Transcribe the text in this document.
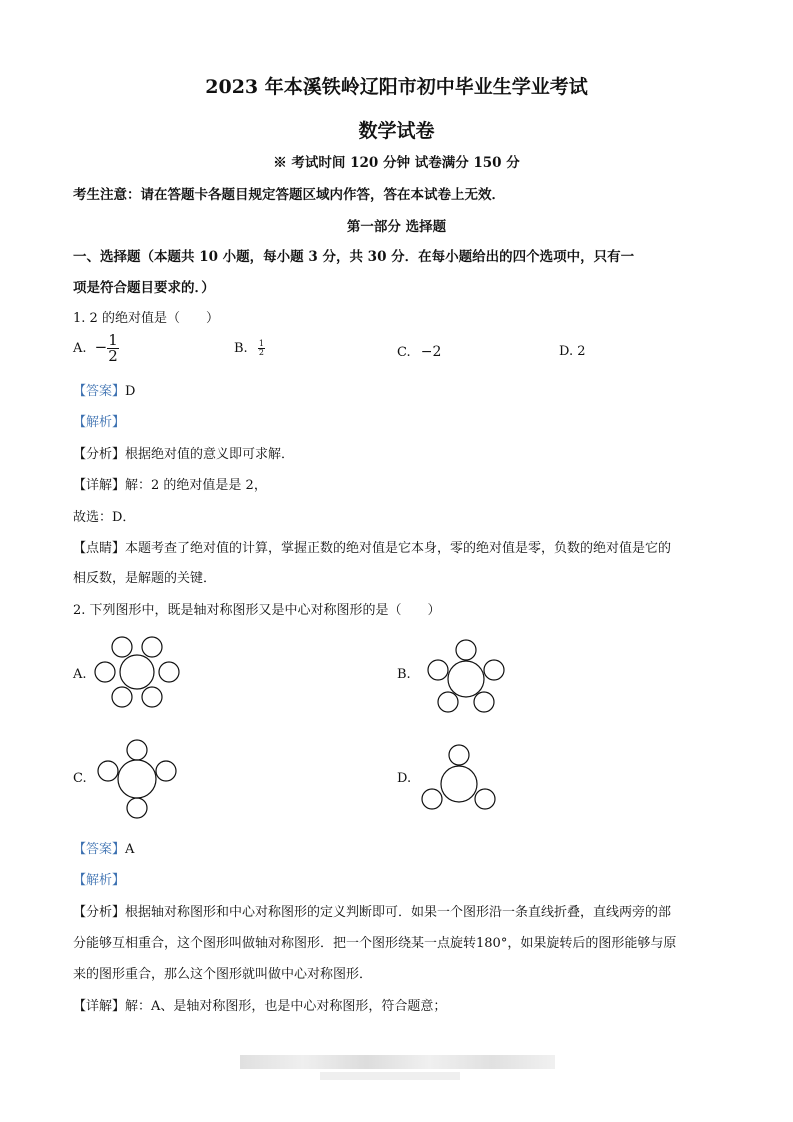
2023 年本溪铁岭辽阳市初中毕业生学业考试
数学试卷
※ 考试时间 120 分钟 试卷满分 150 分
考生注意：请在答题卡各题目规定答题区域内作答，答在本试卷上无效．
第一部分 选择题
一、选择题（本题共 10 小题，每小题 3 分，共 30 分．在每小题给出的四个选项中，只有一
项是符合题目要求的．）
1. 2 的绝对值是（　　）
A. − $\frac{1}{2}$	B. $\frac{1}{2}$	C. −2	D. 2
【答案】D
【解析】
【分析】根据绝对值的意义即可求解．
【详解】解：2 的绝对值是是 2，
故选：D．
【点睛】本题考查了绝对值的计算，掌握正数的绝对值是它本身，零的绝对值是零，负数的绝对值是它的
相反数，是解题的关键．
2. 下列图形中，既是轴对称图形又是中心对称图形的是（　　）
A.	B.
C.	D.
【答案】A
【解析】
【分析】根据轴对称图形和中心对称图形的定义判断即可．如果一个图形沿一条直线折叠，直线两旁的部
分能够互相重合，这个图形叫做轴对称图形．把一个图形绕某一点旋转180°，如果旋转后的图形能够与原
来的图形重合，那么这个图形就叫做中心对称图形．
【详解】解：A、是轴对称图形，也是中心对称图形，符合题意；
